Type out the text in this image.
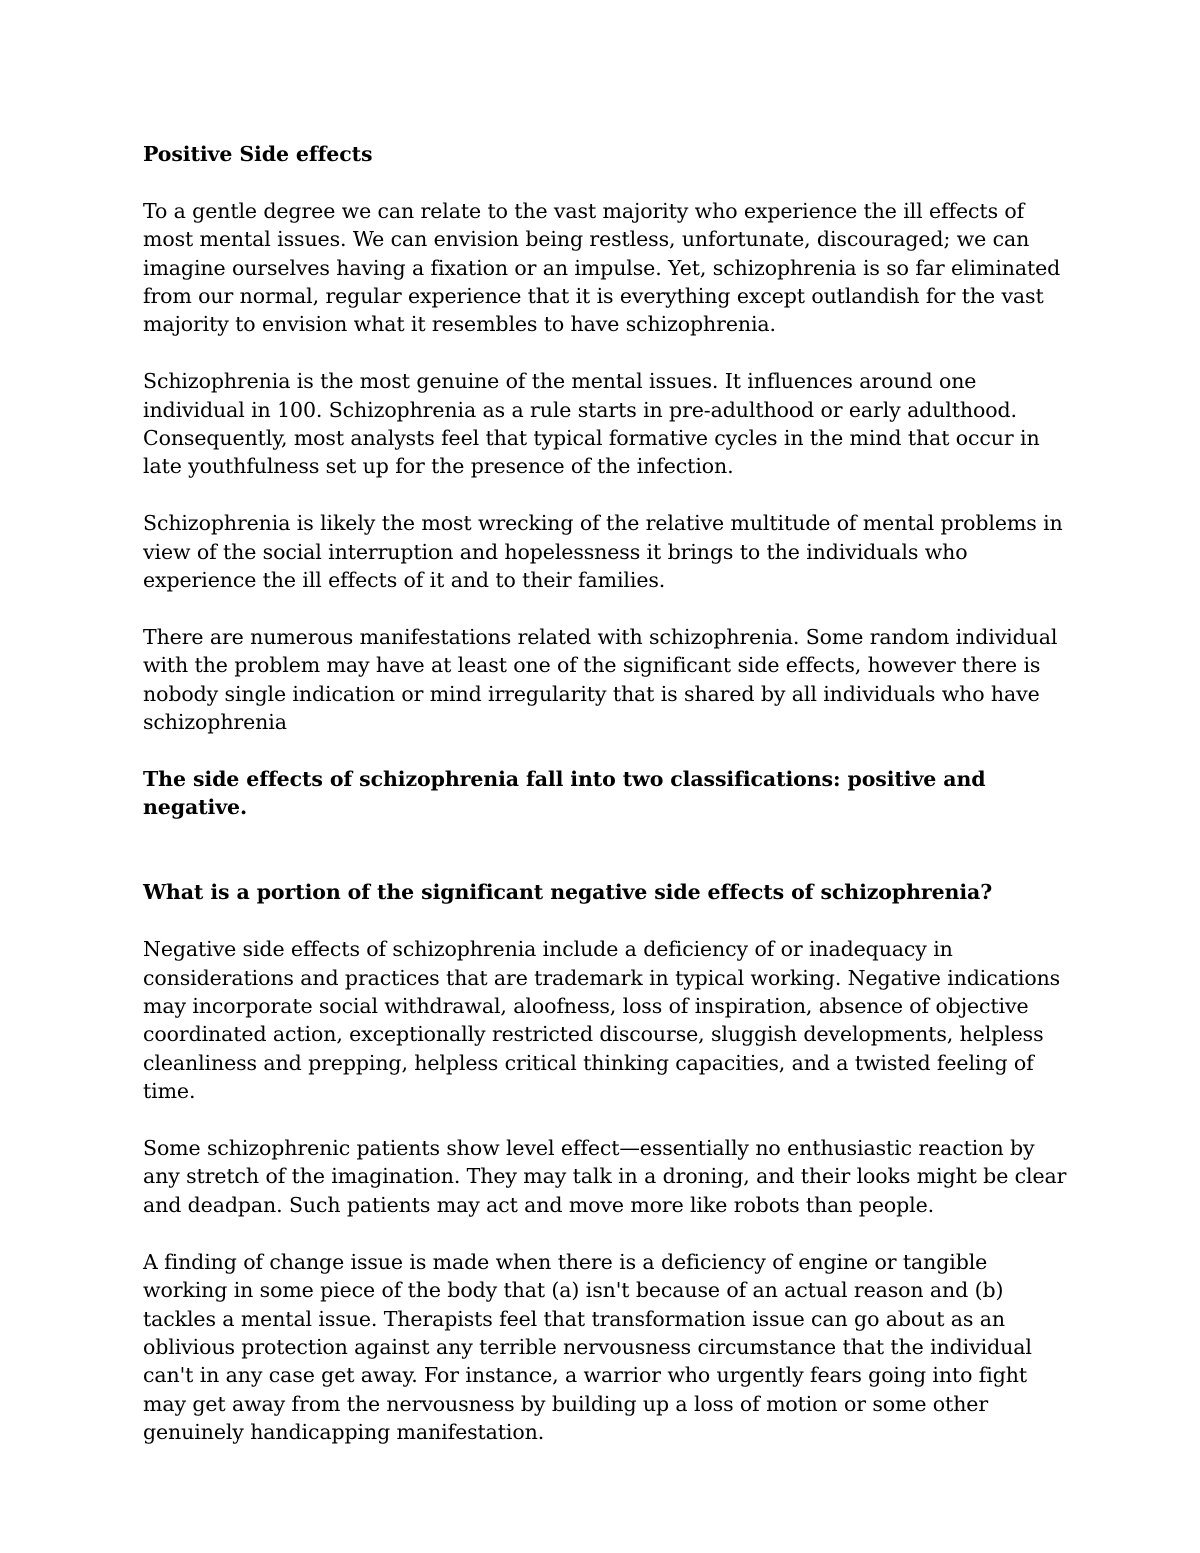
Positive Side effects

To a gentle degree we can relate to the vast majority who experience the ill effects of most mental issues. We can envision being restless, unfortunate, discouraged; we can imagine ourselves having a fixation or an impulse. Yet, schizophrenia is so far eliminated from our normal, regular experience that it is everything except outlandish for the vast majority to envision what it resembles to have schizophrenia.

Schizophrenia is the most genuine of the mental issues. It influences around one individual in 100. Schizophrenia as a rule starts in pre-adulthood or early adulthood. Consequently, most analysts feel that typical formative cycles in the mind that occur in late youthfulness set up for the presence of the infection.

Schizophrenia is likely the most wrecking of the relative multitude of mental problems in view of the social interruption and hopelessness it brings to the individuals who experience the ill effects of it and to their families.

There are numerous manifestations related with schizophrenia. Some random individual with the problem may have at least one of the significant side effects, however there is nobody single indication or mind irregularity that is shared by all individuals who have schizophrenia

The side effects of schizophrenia fall into two classifications: positive and negative.

What is a portion of the significant negative side effects of schizophrenia?

Negative side effects of schizophrenia include a deficiency of or inadequacy in considerations and practices that are trademark in typical working. Negative indications may incorporate social withdrawal, aloofness, loss of inspiration, absence of objective coordinated action, exceptionally restricted discourse, sluggish developments, helpless cleanliness and prepping, helpless critical thinking capacities, and a twisted feeling of time.

Some schizophrenic patients show level effect—essentially no enthusiastic reaction by any stretch of the imagination. They may talk in a droning, and their looks might be clear and deadpan. Such patients may act and move more like robots than people.

A finding of change issue is made when there is a deficiency of engine or tangible working in some piece of the body that (a) isn't because of an actual reason and (b) tackles a mental issue. Therapists feel that transformation issue can go about as an oblivious protection against any terrible nervousness circumstance that the individual can't in any case get away. For instance, a warrior who urgently fears going into fight may get away from the nervousness by building up a loss of motion or some other genuinely handicapping manifestation.
